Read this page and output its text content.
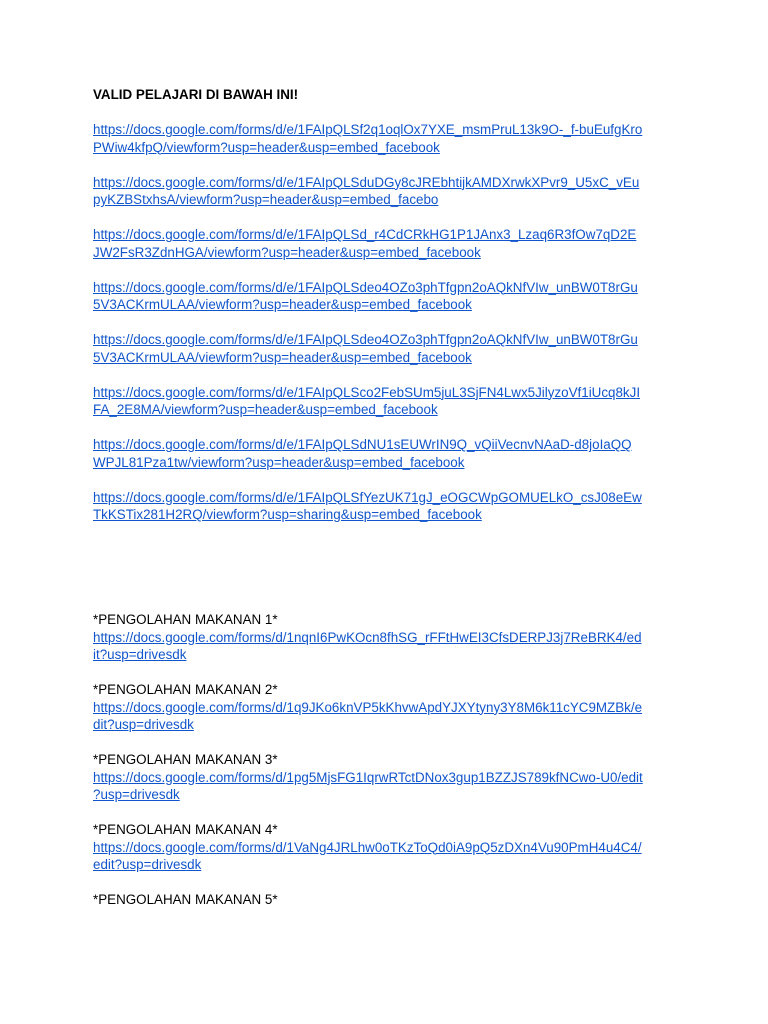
VALID PELAJARI DI BAWAH INI!
https://docs.google.com/forms/d/e/1FAIpQLSf2q1oqlOx7YXE_msmPruL13k9O-_f-buEufgKro
PWiw4kfpQ/viewform?usp=header&usp=embed_facebook
https://docs.google.com/forms/d/e/1FAIpQLSduDGy8cJREbhtijkAMDXrwkXPvr9_U5xC_vEu
pyKZBStxhsA/viewform?usp=header&usp=embed_facebo
https://docs.google.com/forms/d/e/1FAIpQLSd_r4CdCRkHG1P1JAnx3_Lzaq6R3fOw7qD2E
JW2FsR3ZdnHGA/viewform?usp=header&usp=embed_facebook
https://docs.google.com/forms/d/e/1FAIpQLSdeo4OZo3phTfgpn2oAQkNfVIw_unBW0T8rGu
5V3ACKrmULAA/viewform?usp=header&usp=embed_facebook
https://docs.google.com/forms/d/e/1FAIpQLSdeo4OZo3phTfgpn2oAQkNfVIw_unBW0T8rGu
5V3ACKrmULAA/viewform?usp=header&usp=embed_facebook
https://docs.google.com/forms/d/e/1FAIpQLSco2FebSUm5juL3SjFN4Lwx5JilyzoVf1iUcq8kJI
FA_2E8MA/viewform?usp=header&usp=embed_facebook
https://docs.google.com/forms/d/e/1FAIpQLSdNU1sEUWrIN9Q_vQiiVecnvNAaD-d8joIaQQ
WPJL81Pza1tw/viewform?usp=header&usp=embed_facebook
https://docs.google.com/forms/d/e/1FAIpQLSfYezUK71gJ_eOGCWpGOMUELkO_csJ08eEw
TkKSTix281H2RQ/viewform?usp=sharing&usp=embed_facebook
*PENGOLAHAN MAKANAN 1*
https://docs.google.com/forms/d/1nqnI6PwKOcn8fhSG_rFFtHwEI3CfsDERPJ3j7ReBRK4/ed
it?usp=drivesdk
*PENGOLAHAN MAKANAN 2*
https://docs.google.com/forms/d/1q9JKo6knVP5kKhvwApdYJXYtyny3Y8M6k11cYC9MZBk/e
dit?usp=drivesdk
*PENGOLAHAN MAKANAN 3*
https://docs.google.com/forms/d/1pg5MjsFG1IqrwRTctDNox3gup1BZZJS789kfNCwo-U0/edit
?usp=drivesdk
*PENGOLAHAN MAKANAN 4*
https://docs.google.com/forms/d/1VaNg4JRLhw0oTKzToQd0iA9pQ5zDXn4Vu90PmH4u4C4/
edit?usp=drivesdk
*PENGOLAHAN MAKANAN 5*
